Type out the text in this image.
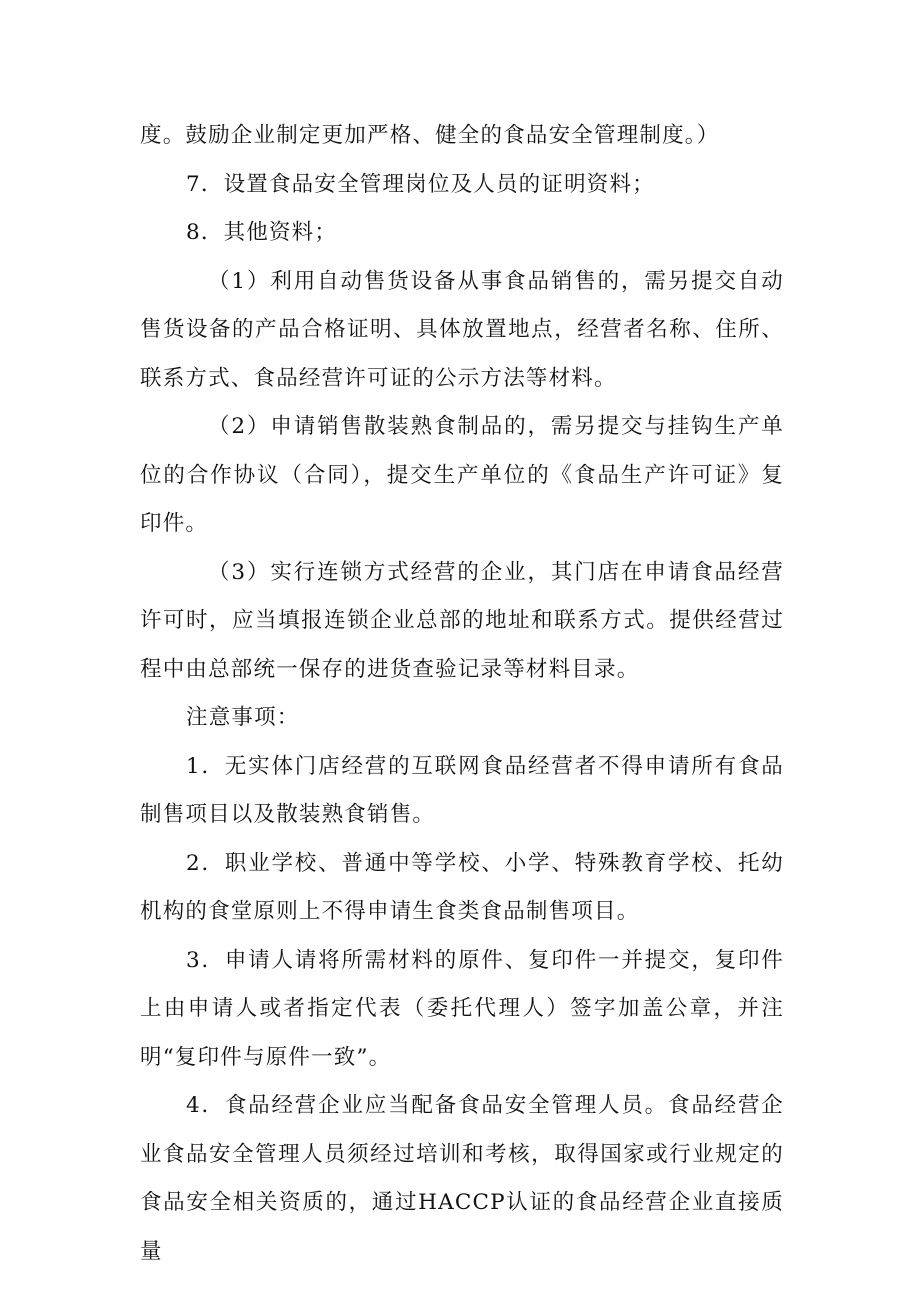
度。鼓励企业制定更加严格、健全的食品安全管理制度。）

7．设置食品安全管理岗位及人员的证明资料；

8．其他资料；

（1）利用自动售货设备从事食品销售的，需另提交自动售货设备的产品合格证明、具体放置地点，经营者名称、住所、联系方式、食品经营许可证的公示方法等材料。

（2）申请销售散装熟食制品的，需另提交与挂钩生产单位的合作协议（合同），提交生产单位的《食品生产许可证》复印件。

（3）实行连锁方式经营的企业，其门店在申请食品经营许可时，应当填报连锁企业总部的地址和联系方式。提供经营过程中由总部统一保存的进货查验记录等材料目录。

注意事项：

1．无实体门店经营的互联网食品经营者不得申请所有食品制售项目以及散装熟食销售。

2．职业学校、普通中等学校、小学、特殊教育学校、托幼机构的食堂原则上不得申请生食类食品制售项目。

3．申请人请将所需材料的原件、复印件一并提交，复印件上由申请人或者指定代表（委托代理人）签字加盖公章，并注明“复印件与原件一致”。

4．食品经营企业应当配备食品安全管理人员。食品经营企业食品安全管理人员须经过培训和考核，取得国家或行业规定的食品安全相关资质的，通过HACCP认证的食品经营企业直接质量
